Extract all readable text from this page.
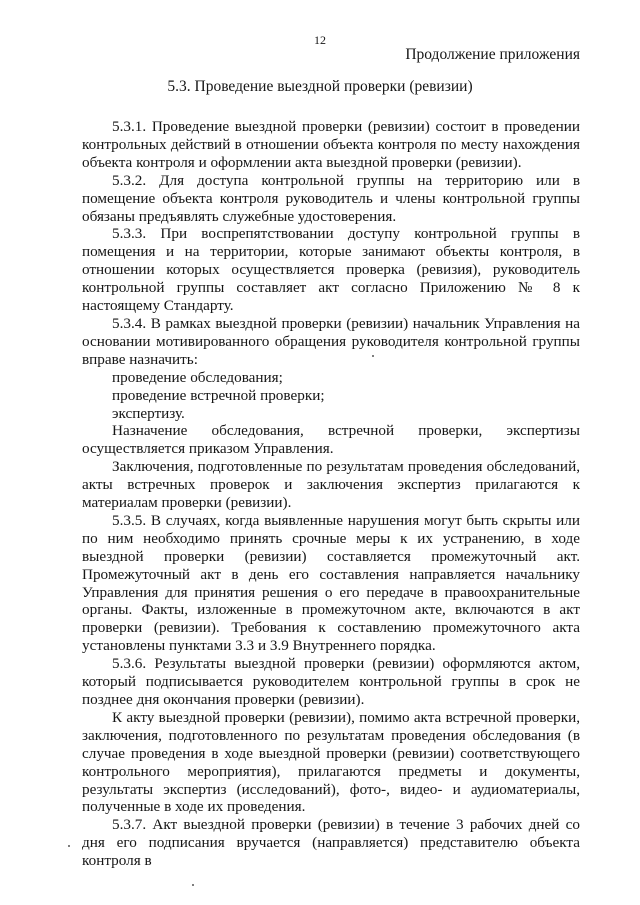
12
Продолжение приложения
5.3. Проведение выездной проверки (ревизии)

5.3.1. Проведение выездной проверки (ревизии) состоит в проведении контрольных действий в отношении объекта контроля по месту нахождения объекта контроля и оформлении акта выездной проверки (ревизии).

5.3.2. Для доступа контрольной группы на территорию или в помещение объекта контроля руководитель и члены контрольной группы обязаны предъявлять служебные удостоверения.

5.3.3. При воспрепятствовании доступу контрольной группы в помещения и на территории, которые занимают объекты контроля, в отношении которых осуществляется проверка (ревизия), руководитель контрольной группы составляет акт согласно Приложению № 8 к настоящему Стандарту.

5.3.4. В рамках выездной проверки (ревизии) начальник Управления на основании мотивированного обращения руководителя контрольной группы вправе назначить:

проведение обследования;

проведение встречной проверки;

экспертизу.

Назначение обследования, встречной проверки, экспертизы осуществляется приказом Управления.

Заключения, подготовленные по результатам проведения обследований, акты встречных проверок и заключения экспертиз прилагаются к материалам проверки (ревизии).

5.3.5. В случаях, когда выявленные нарушения могут быть скрыты или по ним необходимо принять срочные меры к их устранению, в ходе выездной проверки (ревизии) составляется промежуточный акт. Промежуточный акт в день его составления направляется начальнику Управления для принятия решения о его передаче в правоохранительные органы. Факты, изложенные в промежуточном акте, включаются в акт проверки (ревизии). Требования к составлению промежуточного акта установлены пунктами 3.3 и 3.9 Внутреннего порядка.

5.3.6. Результаты выездной проверки (ревизии) оформляются актом, который подписывается руководителем контрольной группы в срок не позднее дня окончания проверки (ревизии).

К акту выездной проверки (ревизии), помимо акта встречной проверки, заключения, подготовленного по результатам проведения обследования (в случае проведения в ходе выездной проверки (ревизии) соответствующего контрольного мероприятия), прилагаются предметы и документы, результаты экспертиз (исследований), фото-, видео- и аудиоматериалы, полученные в ходе их проведения.

5.3.7. Акт выездной проверки (ревизии) в течение 3 рабочих дней со дня его подписания вручается (направляется) представителю объекта контроля в
